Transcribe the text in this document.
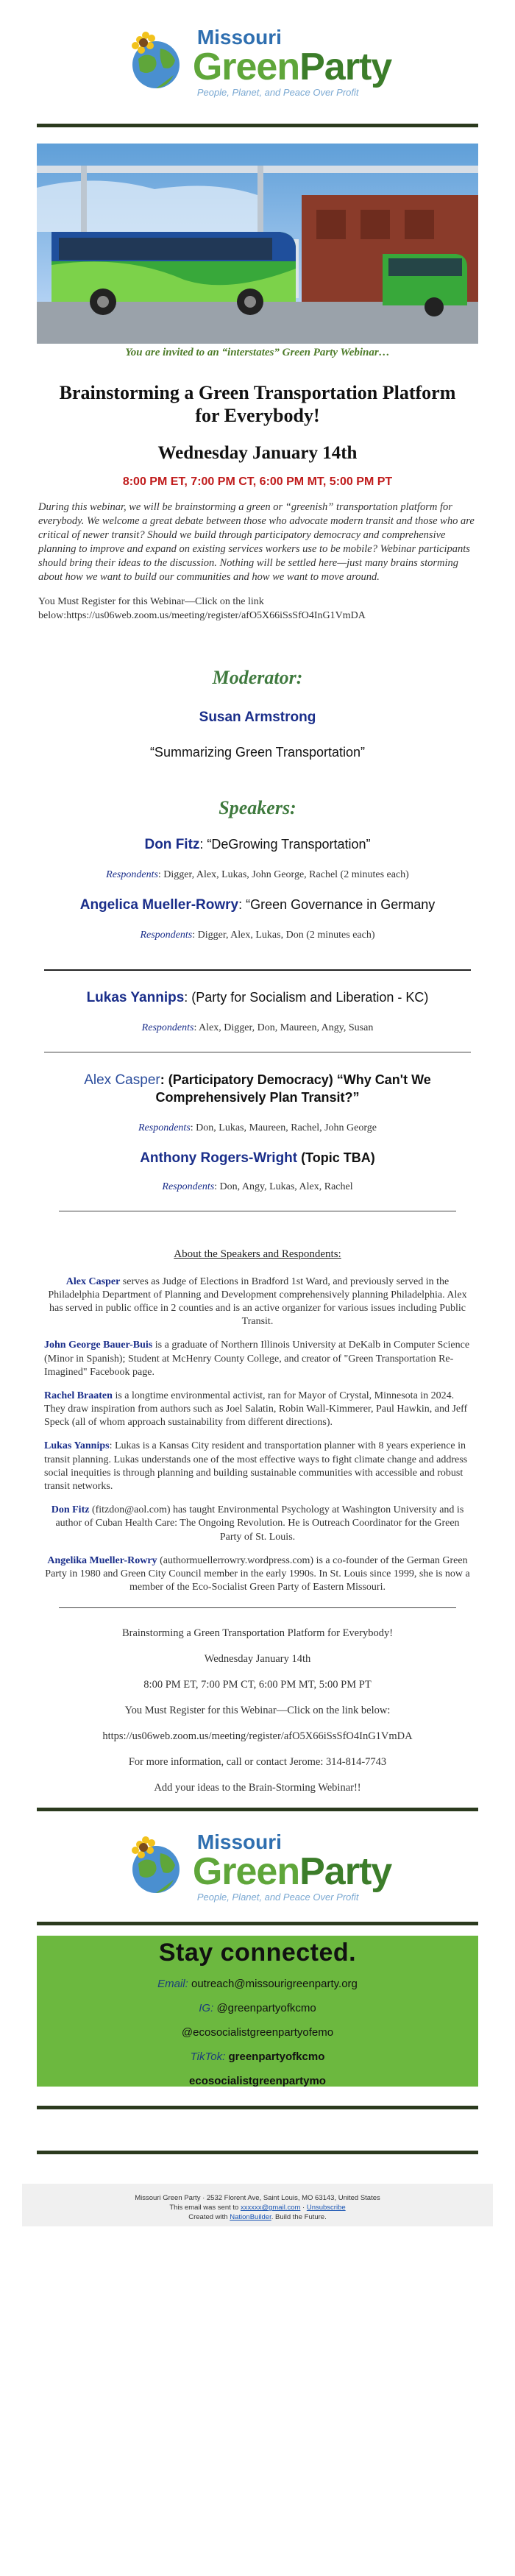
Missouri
GreenParty
People, Planet, and Peace Over Profit
You are invited to an “interstates” Green Party Webinar…
Brainstorming a Green Transportation Platform for Everybody!
Wednesday January 14th
8:00 PM ET, 7:00 PM CT, 6:00 PM MT, 5:00 PM PT

During this webinar, we will be brainstorming a green or “greenish” transportation platform for everybody. We welcome a great debate between those who advocate modern transit and those who are critical of newer transit? Should we build through participatory democracy and comprehensive planning to improve and expand on existing services workers use to be mobile? Webinar participants should bring their ideas to the discussion. Nothing will be settled here—just many brains storming about how we want to build our communities and how we want to move around.

You Must Register for this Webinar—Click on the link below:https://us06web.zoom.us/meeting/register/afO5X66iSsSfO4InG1VmDA

Moderator:
Susan Armstrong
“Summarizing Green Transportation”
Speakers:
Don Fitz: “DeGrowing Transportation”
Respondents: Digger, Alex, Lukas, John George, Rachel (2 minutes each)
Angelica Mueller-Rowry: “Green Governance in Germany
Respondents: Digger, Alex, Lukas, Don (2 minutes each)
Lukas Yannips: (Party for Socialism and Liberation - KC)
Respondents: Alex, Digger, Don, Maureen, Angy, Susan
Alex Casper: (Participatory Democracy) “Why Can't We Comprehensively Plan Transit?”
Respondents: Don, Lukas, Maureen, Rachel, John George
Anthony Rogers-Wright (Topic TBA)
Respondents: Don, Angy, Lukas, Alex, Rachel
About the Speakers and Respondents:

Alex Casper serves as Judge of Elections in Bradford 1st Ward, and previously served in the Philadelphia Department of Planning and Development comprehensively planning Philadelphia. Alex has served in public office in 2 counties and is an active organizer for various issues including Public Transit.

John George Bauer-Buis is a graduate of Northern Illinois University at DeKalb in Computer Science (Minor in Spanish); Student at McHenry County College, and creator of "Green Transportation Re-Imagined" Facebook page.

Rachel Braaten is a longtime environmental activist, ran for Mayor of Crystal, Minnesota in 2024. They draw inspiration from authors such as Joel Salatin, Robin Wall-Kimmerer, Paul Hawkin, and Jeff Speck (all of whom approach sustainability from different directions).

Lukas Yannips: Lukas is a Kansas City resident and transportation planner with 8 years experience in transit planning. Lukas understands one of the most effective ways to fight climate change and address social inequities is through planning and building sustainable communities with accessible and robust transit networks.

Don Fitz (fitzdon@aol.com) has taught Environmental Psychology at Washington University and is author of Cuban Health Care: The Ongoing Revolution. He is Outreach Coordinator for the Green Party of St. Louis.

Angelika Mueller-Rowry (authormuellerrowry.wordpress.com) is a co-founder of the German Green Party in 1980 and Green City Council member in the early 1990s. In St. Louis since 1999, she is now a member of the Eco-Socialist Green Party of Eastern Missouri.

Brainstorming a Green Transportation Platform for Everybody!
Wednesday January 14th
8:00 PM ET, 7:00 PM CT, 6:00 PM MT, 5:00 PM PT
You Must Register for this Webinar—Click on the link below:
https://us06web.zoom.us/meeting/register/afO5X66iSsSfO4InG1VmDA
For more information, call or contact Jerome: 314-814-7743
Add your ideas to the Brain-Storming Webinar!!
Missouri
GreenParty
People, Planet, and Peace Over Profit
Stay connected.
Email: outreach@missourigreenparty.org
IG: @greenpartyofkcmo
@ecosocialistgreenpartyofemo
TikTok: greenpartyofkcmo
ecosocialistgreenpartymo
Missouri Green Party · 2532 Florent Ave, Saint Louis, MO 63143, United States
This email was sent to xxxxxx@gmail.com · Unsubscribe
Created with NationBuilder. Build the Future.
